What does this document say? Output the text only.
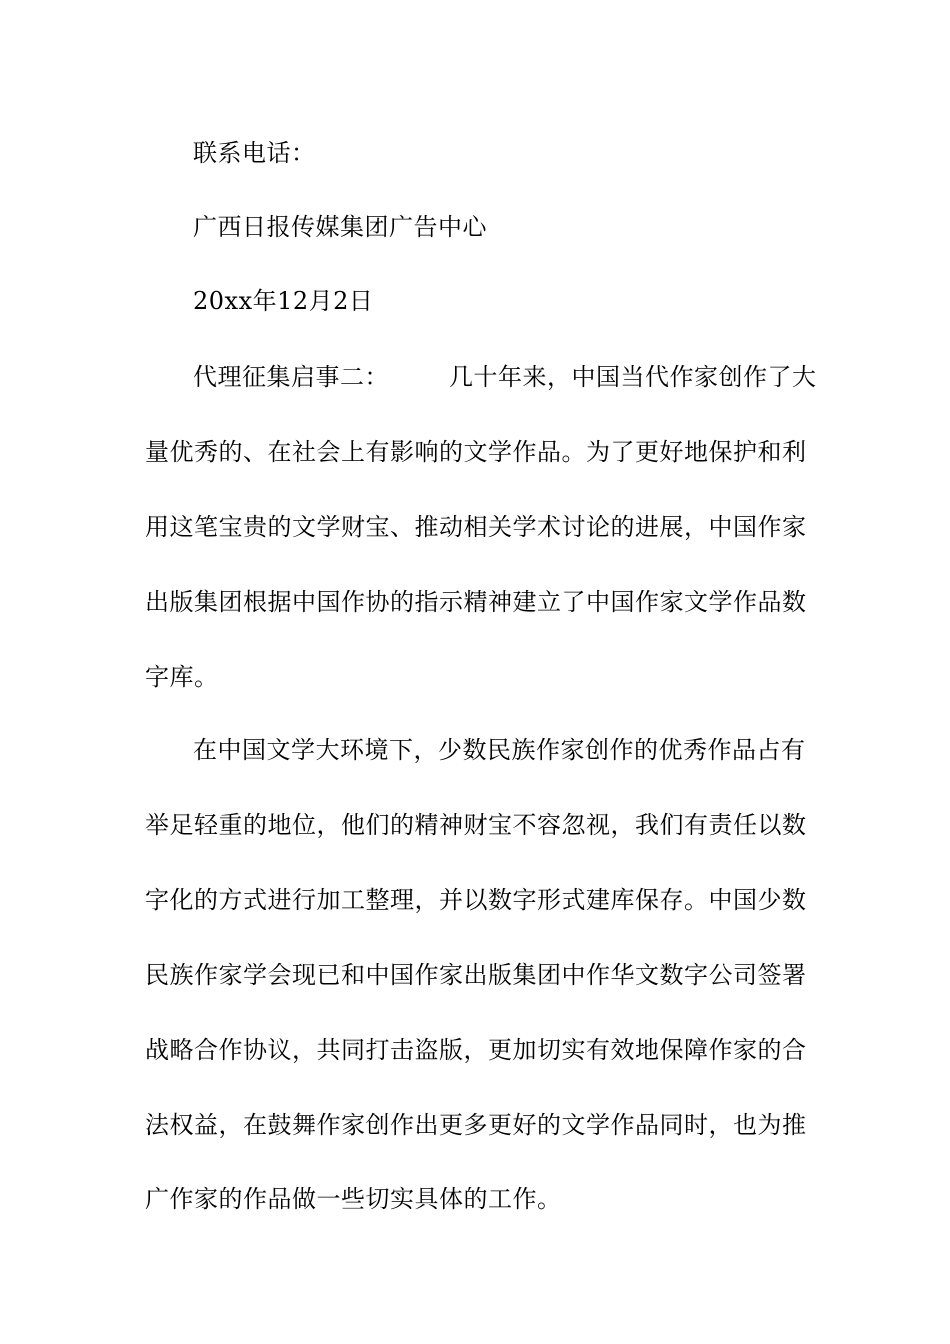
联系电话：
广西日报传媒集团广告中心
20xx年12月2日
代理征集启事二：	几十年来，中国当代作家创作了大
量优秀的、在社会上有影响的文学作品。为了更好地保护和利
用这笔宝贵的文学财宝、推动相关学术讨论的进展，中国作家
出版集团根据中国作协的指示精神建立了中国作家文学作品数
字库。
在中国文学大环境下，少数民族作家创作的优秀作品占有
举足轻重的地位，他们的精神财宝不容忽视，我们有责任以数
字化的方式进行加工整理，并以数字形式建库保存。中国少数
民族作家学会现已和中国作家出版集团中作华文数字公司签署
战略合作协议，共同打击盗版，更加切实有效地保障作家的合
法权益，在鼓舞作家创作出更多更好的文学作品同时，也为推
广作家的作品做一些切实具体的工作。
